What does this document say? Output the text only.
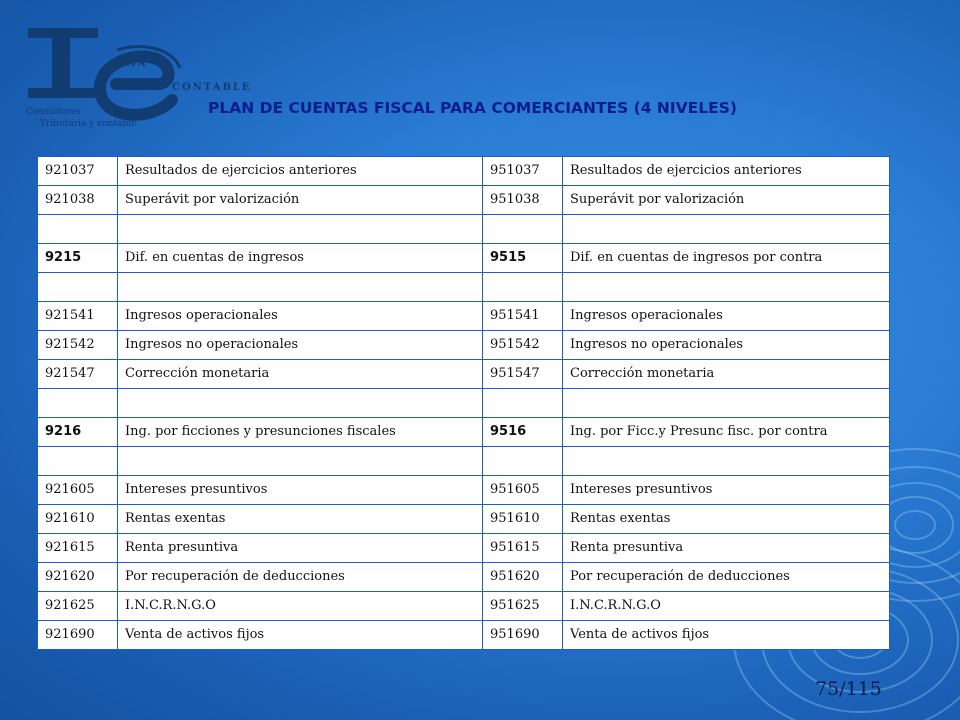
IMA
CONTABLE
Consultores
Tributaria y contable
PLAN DE CUENTAS FISCAL PARA COMERCIANTES (4 NIVELES)
921037	Resultados de ejercicios anteriores	951037	Resultados de ejercicios anteriores
921038	Superávit por valorización	951038	Superávit por valorización

9215	Dif. en cuentas de ingresos	9515	Dif. en cuentas de ingresos por contra

921541	Ingresos operacionales	951541	Ingresos operacionales
921542	Ingresos no operacionales	951542	Ingresos no operacionales
921547	Corrección monetaria	951547	Corrección monetaria

9216	Ing. por ficciones y presunciones fiscales	9516	Ing. por Ficc.y Presunc fisc. por contra

921605	Intereses presuntivos	951605	Intereses presuntivos
921610	Rentas exentas	951610	Rentas exentas
921615	Renta presuntiva	951615	Renta presuntiva
921620	Por recuperación de deducciones	951620	Por recuperación de deducciones
921625	I.N.C.R.N.G.O	951625	I.N.C.R.N.G.O
921690	Venta de activos fijos	951690	Venta de activos fijos
75/115
